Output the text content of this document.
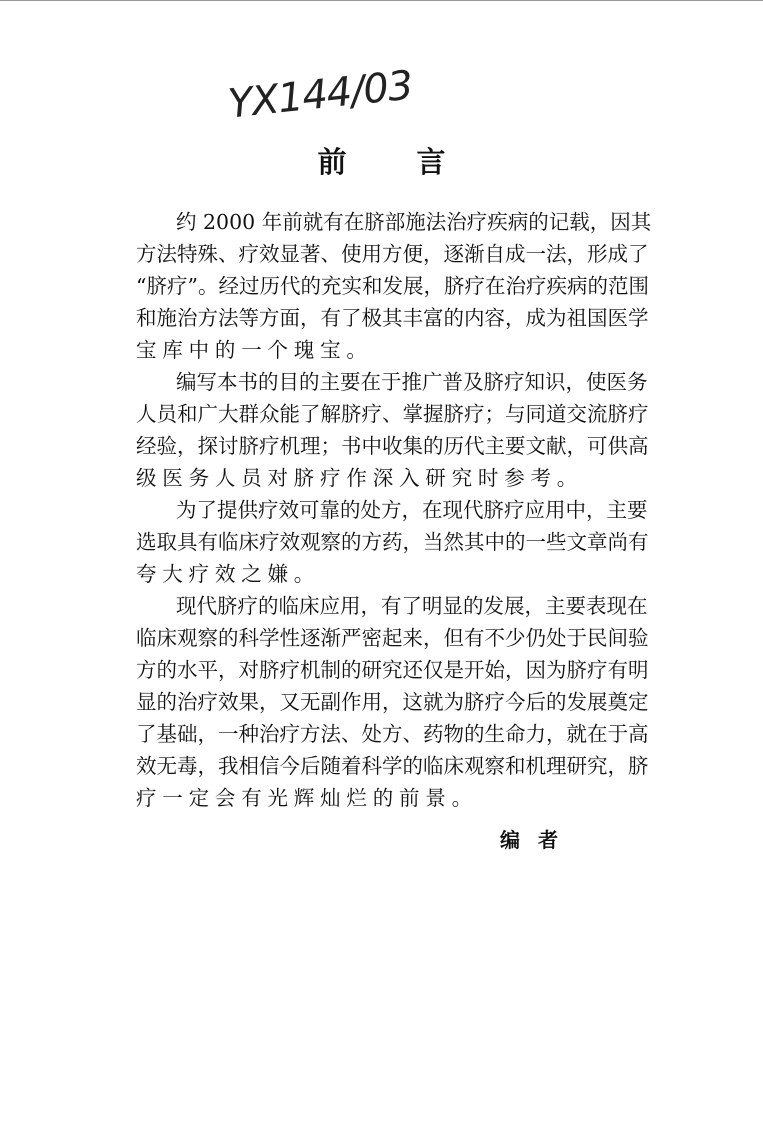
YX144/03
前 言
约 2000 年前就有在脐部施法治疗疾病的记载，因其
方法特殊、疗效显著、使用方便，逐渐自成一法，形成了
“脐疗”。经过历代的充实和发展，脐疗在治疗疾病的范围
和施治方法等方面，有了极其丰富的内容，成为祖国医学
宝库中的一个瑰宝。
编写本书的目的主要在于推广普及脐疗知识，使医务
人员和广大群众能了解脐疗、掌握脐疗；与同道交流脐疗
经验，探讨脐疗机理；书中收集的历代主要文献，可供高
级医务人员对脐疗作深入研究时参考。
为了提供疗效可靠的处方，在现代脐疗应用中，主要
选取具有临床疗效观察的方药，当然其中的一些文章尚有
夸大疗效之嫌。
现代脐疗的临床应用，有了明显的发展，主要表现在
临床观察的科学性逐渐严密起来，但有不少仍处于民间验
方的水平，对脐疗机制的研究还仅是开始，因为脐疗有明
显的治疗效果，又无副作用，这就为脐疗今后的发展奠定
了基础，一种治疗方法、处方、药物的生命力，就在于高
效无毒，我相信今后随着科学的临床观察和机理研究，脐
疗一定会有光辉灿烂的前景。
编 者
